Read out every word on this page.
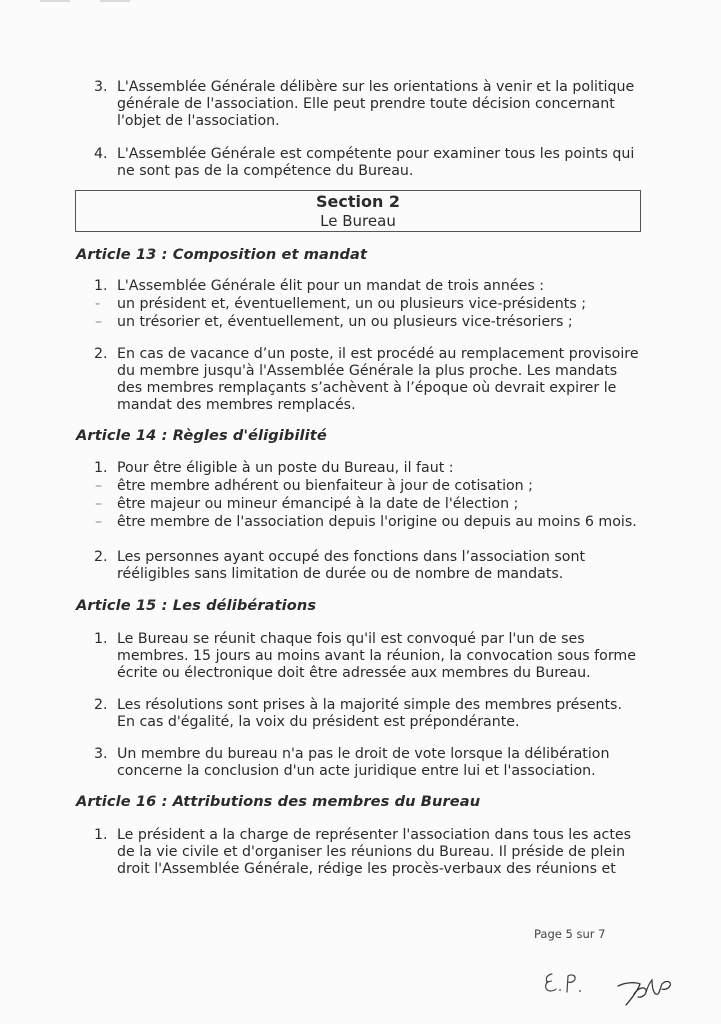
3. L'Assemblée Générale délibère sur les orientations à venir et la politique
générale de l'association. Elle peut prendre toute décision concernant
l'objet de l'association.
4. L'Assemblée Générale est compétente pour examiner tous les points qui
ne sont pas de la compétence du Bureau.
Section 2
Le Bureau
Article 13 : Composition et mandat
1. L'Assemblée Générale élit pour un mandat de trois années :
- un président et, éventuellement, un ou plusieurs vice-présidents ;
– un trésorier et, éventuellement, un ou plusieurs vice-trésoriers ;
2. En cas de vacance d’un poste, il est procédé au remplacement provisoire
du membre jusqu'à l'Assemblée Générale la plus proche. Les mandats
des membres remplaçants s’achèvent à l’époque où devrait expirer le
mandat des membres remplacés.
Article 14 : Règles d'éligibilité
1. Pour être éligible à un poste du Bureau, il faut :
– être membre adhérent ou bienfaiteur à jour de cotisation ;
– être majeur ou mineur émancipé à la date de l'élection ;
– être membre de l'association depuis l'origine ou depuis au moins 6 mois.
2. Les personnes ayant occupé des fonctions dans l’association sont
rééligibles sans limitation de durée ou de nombre de mandats.
Article 15 : Les délibérations
1. Le Bureau se réunit chaque fois qu'il est convoqué par l'un de ses
membres. 15 jours au moins avant la réunion, la convocation sous forme
écrite ou électronique doit être adressée aux membres du Bureau.
2. Les résolutions sont prises à la majorité simple des membres présents.
En cas d'égalité, la voix du président est prépondérante.
3. Un membre du bureau n'a pas le droit de vote lorsque la délibération
concerne la conclusion d'un acte juridique entre lui et l'association.
Article 16 : Attributions des membres du Bureau
1. Le président a la charge de représenter l'association dans tous les actes
de la vie civile et d'organiser les réunions du Bureau. Il préside de plein
droit l'Assemblée Générale, rédige les procès-verbaux des réunions et
Page 5 sur 7
